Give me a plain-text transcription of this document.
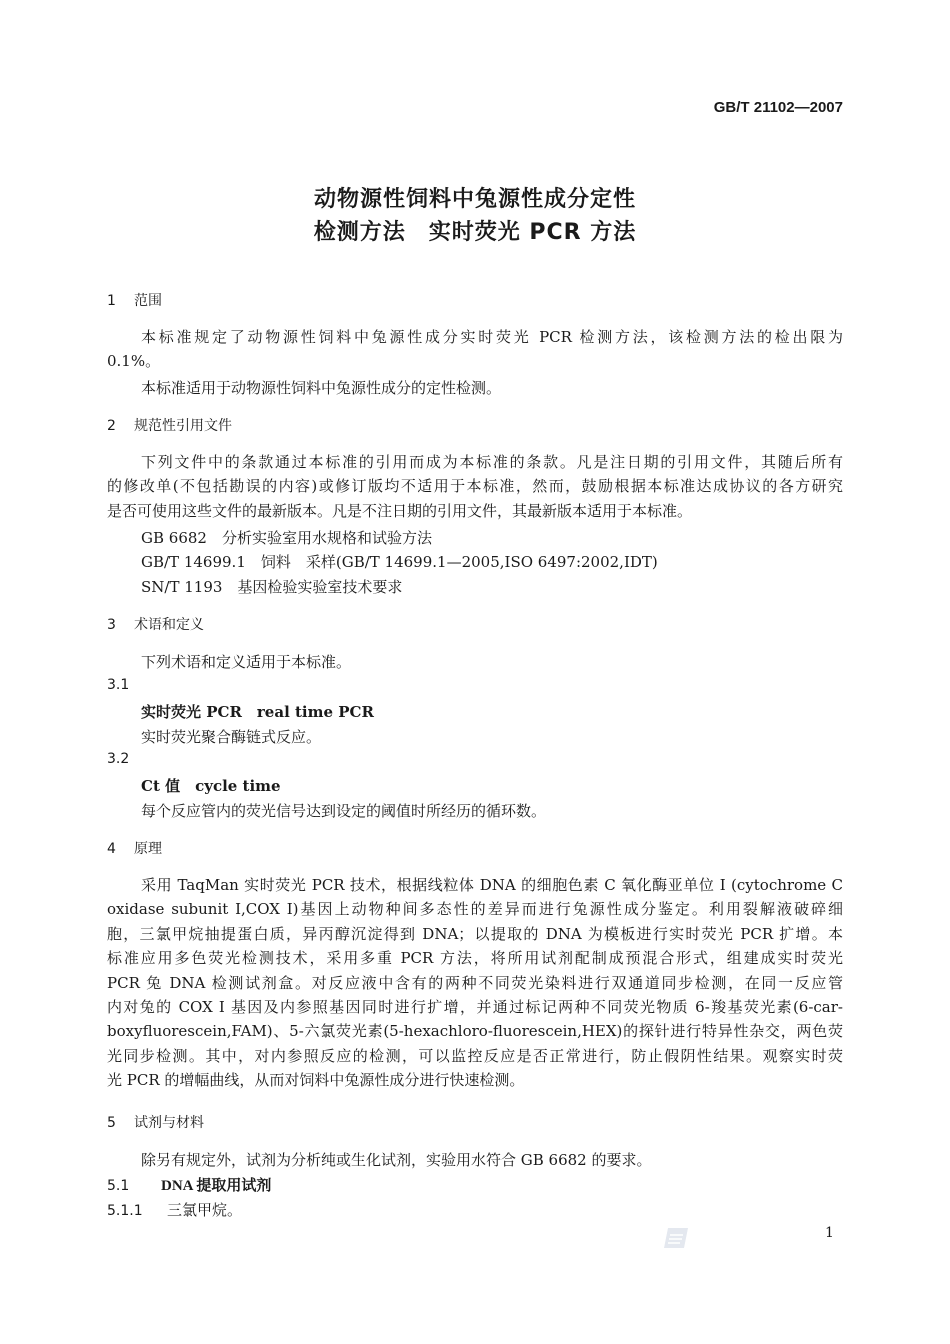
GB/T 21102—2007
动物源性饲料中兔源性成分定性
检测方法　实时荧光 PCR 方法
1 范围
本标准规定了动物源性饲料中兔源性成分实时荧光 PCR 检测方法，该检测方法的检出限为
0.1%。
本标准适用于动物源性饲料中兔源性成分的定性检测。
2 规范性引用文件
下列文件中的条款通过本标准的引用而成为本标准的条款。凡是注日期的引用文件，其随后所有
的修改单(不包括勘误的内容)或修订版均不适用于本标准，然而，鼓励根据本标准达成协议的各方研究
是否可使用这些文件的最新版本。凡是不注日期的引用文件，其最新版本适用于本标准。
GB 6682　分析实验室用水规格和试验方法
GB/T 14699.1　饲料　采样(GB/T 14699.1—2005,ISO 6497:2002,IDT)
SN/T 1193　基因检验实验室技术要求
3 术语和定义
下列术语和定义适用于本标准。
3.1
实时荧光 PCR　real time PCR
实时荧光聚合酶链式反应。
3.2
Ct 值　cycle time
每个反应管内的荧光信号达到设定的阈值时所经历的循环数。
4 原理
采用 TaqMan 实时荧光 PCR 技术，根据线粒体 DNA 的细胞色素 C 氧化酶亚单位 I (cytochrome C
oxidase subunit I,COX I)基因上动物种间多态性的差异而进行兔源性成分鉴定。利用裂解液破碎细
胞，三氯甲烷抽提蛋白质，异丙醇沉淀得到 DNA；以提取的 DNA 为模板进行实时荧光 PCR 扩增。本
标准应用多色荧光检测技术，采用多重 PCR 方法，将所用试剂配制成预混合形式，组建成实时荧光
PCR 兔 DNA 检测试剂盒。对反应液中含有的两种不同荧光染料进行双通道同步检测，在同一反应管
内对兔的 COX I 基因及内参照基因同时进行扩增，并通过标记两种不同荧光物质 6-羧基荧光素(6-car-
boxyfluorescein,FAM)、5-六氯荧光素(5-hexachloro-fluorescein,HEX)的探针进行特异性杂交，两色荧
光同步检测。其中，对内参照反应的检测，可以监控反应是否正常进行，防止假阴性结果。观察实时荧
光 PCR 的增幅曲线，从而对饲料中兔源性成分进行快速检测。
5 试剂与材料
除另有规定外，试剂为分析纯或生化试剂，实验用水符合 GB 6682 的要求。
5.1 DNA 提取用试剂
5.1.1 三氯甲烷。
1
